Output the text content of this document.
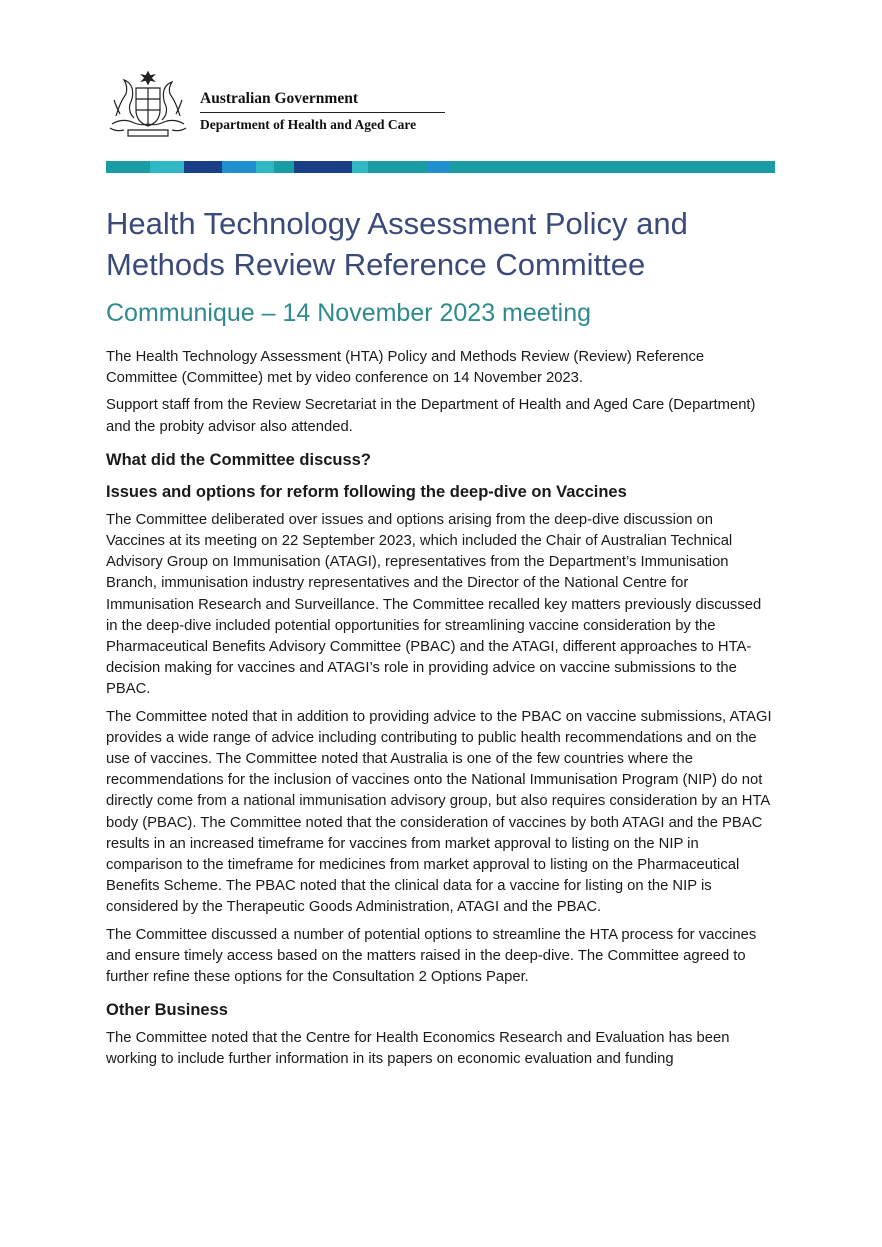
Australian Government
Department of Health and Aged Care
Health Technology Assessment Policy and
Methods Review Reference Committee
Communique – 14 November 2023 meeting

The Health Technology Assessment (HTA) Policy and Methods Review (Review) Reference Committee (Committee) met by video conference on 14 November 2023.

Support staff from the Review Secretariat in the Department of Health and Aged Care (Department) and the probity advisor also attended.

What did the Committee discuss?
Issues and options for reform following the deep-dive on Vaccines

The Committee deliberated over issues and options arising from the deep-dive discussion on Vaccines at its meeting on 22 September 2023, which included the Chair of Australian Technical Advisory Group on Immunisation (ATAGI), representatives from the Department’s Immunisation Branch, immunisation industry representatives and the Director of the National Centre for Immunisation Research and Surveillance. The Committee recalled key matters previously discussed in the deep-dive included potential opportunities for streamlining vaccine consideration by the Pharmaceutical Benefits Advisory Committee (PBAC) and the ATAGI, different approaches to HTA-decision making for vaccines and ATAGI’s role in providing advice on vaccine submissions to the PBAC.

The Committee noted that in addition to providing advice to the PBAC on vaccine submissions, ATAGI provides a wide range of advice including contributing to public health recommendations and on the use of vaccines. The Committee noted that Australia is one of the few countries where the recommendations for the inclusion of vaccines onto the National Immunisation Program (NIP) do not directly come from a national immunisation advisory group, but also requires consideration by an HTA body (PBAC). The Committee noted that the consideration of vaccines by both ATAGI and the PBAC results in an increased timeframe for vaccines from market approval to listing on the NIP in comparison to the timeframe for medicines from market approval to listing on the Pharmaceutical Benefits Scheme. The PBAC noted that the clinical data for a vaccine for listing on the NIP is considered by the Therapeutic Goods Administration, ATAGI and the PBAC.

The Committee discussed a number of potential options to streamline the HTA process for vaccines and ensure timely access based on the matters raised in the deep-dive. The Committee agreed to further refine these options for the Consultation 2 Options Paper.

Other Business

The Committee noted that the Centre for Health Economics Research and Evaluation has been working to include further information in its papers on economic evaluation and funding
